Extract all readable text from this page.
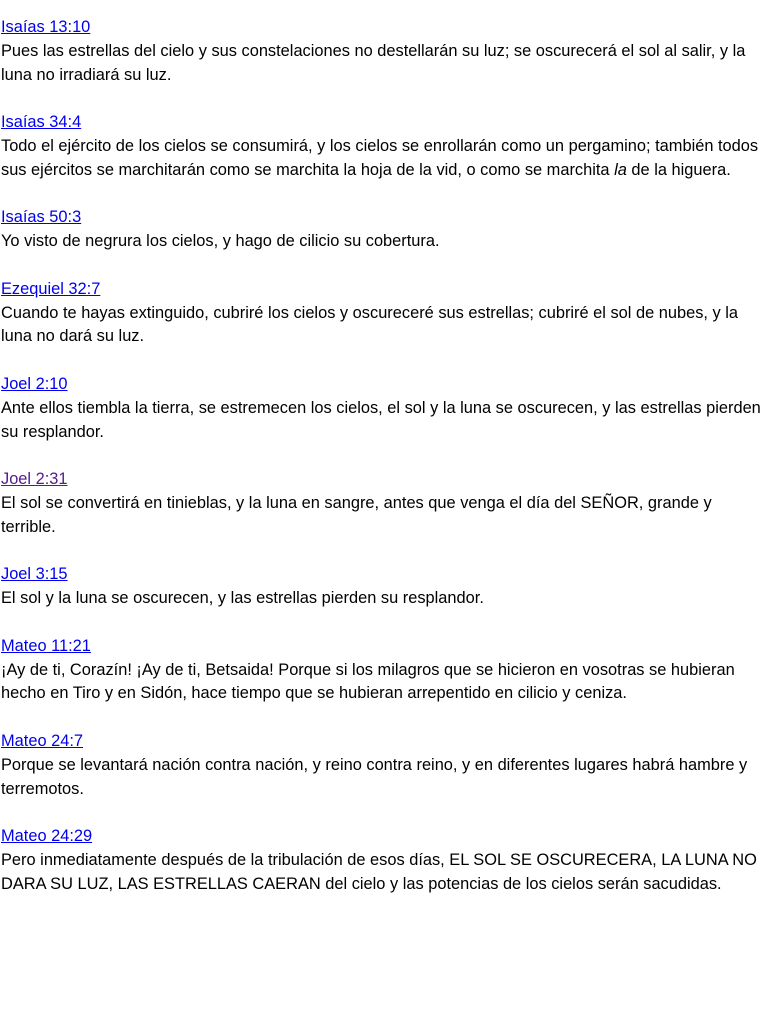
Isaías 13:10
Pues las estrellas del cielo y sus constelaciones no destellarán su luz; se oscurecerá el sol al salir, y la luna no irradiará su luz.
Isaías 34:4
Todo el ejército de los cielos se consumirá, y los cielos se enrollarán como un pergamino; también todos sus ejércitos se marchitarán como se marchita la hoja de la vid, o como se marchita la de la higuera.
Isaías 50:3
Yo visto de negrura los cielos, y hago de cilicio su cobertura.
Ezequiel 32:7
Cuando te hayas extinguido, cubriré los cielos y oscureceré sus estrellas; cubriré el sol de nubes, y la luna no dará su luz.
Joel 2:10
Ante ellos tiembla la tierra, se estremecen los cielos, el sol y la luna se oscurecen, y las estrellas pierden su resplandor.
Joel 2:31
El sol se convertirá en tinieblas, y la luna en sangre, antes que venga el día del SEÑOR, grande y terrible.
Joel 3:15
El sol y la luna se oscurecen, y las estrellas pierden su resplandor.
Mateo 11:21
¡Ay de ti, Corazín! ¡Ay de ti, Betsaida! Porque si los milagros que se hicieron en vosotras se hubieran hecho en Tiro y en Sidón, hace tiempo que se hubieran arrepentido en cilicio y ceniza.
Mateo 24:7
Porque se levantará nación contra nación, y reino contra reino, y en diferentes lugares habrá hambre y terremotos.
Mateo 24:29
Pero inmediatamente después de la tribulación de esos días, EL SOL SE OSCURECERA, LA LUNA NO DARA SU LUZ, LAS ESTRELLAS CAERAN del cielo y las potencias de los cielos serán sacudidas.
